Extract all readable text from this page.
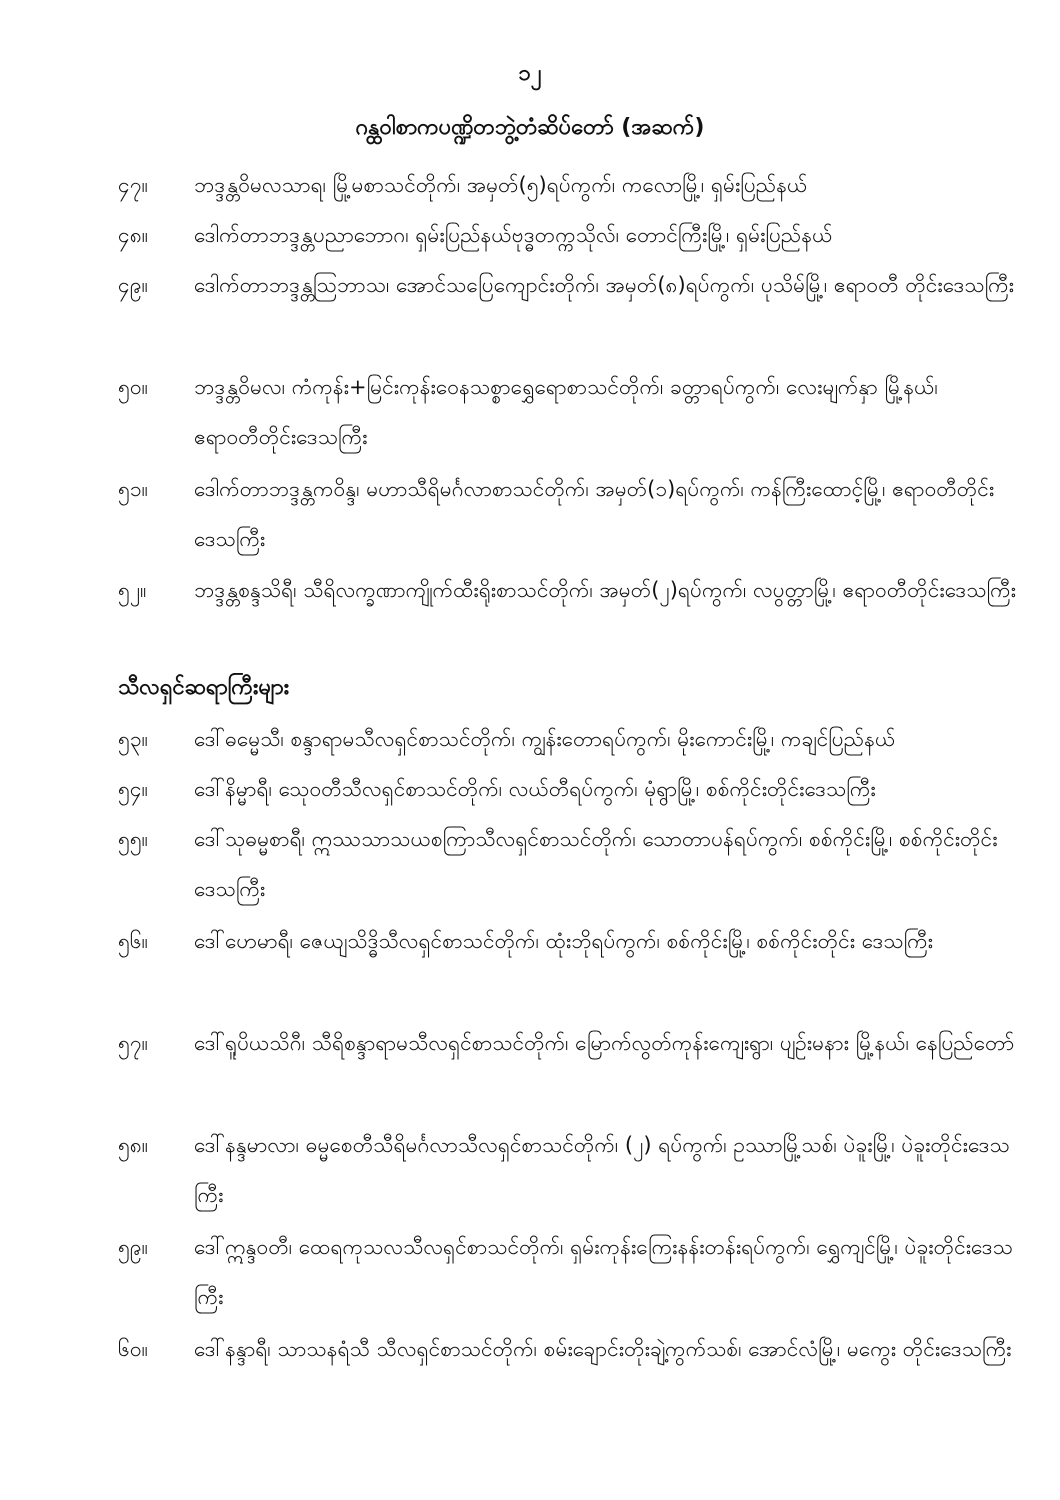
၁၂
ဂန္ထဝါစာကပဏ္ဍိတဘွဲ့တံဆိပ်တော် (အဆက်)
၄၇။	ဘဒ္ဒန္တဝိမလသာရ၊ မြို့မစာသင်တိုက်၊ အမှတ်(၅)ရပ်ကွက်၊ ကလောမြို့၊ ရှမ်းပြည်နယ်
၄၈။	ဒေါက်တာဘဒ္ဒန္တပညာဘောဂ၊ ရှမ်းပြည်နယ်ဗုဒ္ဓတက္ကသိုလ်၊ တောင်ကြီးမြို့၊ ရှမ်းပြည်နယ်
၄၉။	ဒေါက်တာဘဒ္ဒန္တသြဘာသ၊ အောင်သပြေကျောင်းတိုက်၊ အမှတ်(၈)ရပ်ကွက်၊ ပုသိမ်မြို့၊ ဧရာဝတီ တိုင်းဒေသကြီး
၅၀။	ဘဒ္ဒန္တဝိမလ၊ ကံကုန်း+မြင်းကုန်းဝေနသစ္စာရွှေရောစာသင်တိုက်၊ ခတ္တာရပ်ကွက်၊ လေးမျက်နှာ မြို့နယ်၊ ဧရာဝတီတိုင်းဒေသကြီး
၅၁။	ဒေါက်တာဘဒ္ဒန္တကဝိန္ဒ၊ မဟာသီရိမင်္ဂလာစာသင်တိုက်၊ အမှတ်(၁)ရပ်ကွက်၊ ကန်ကြီးထောင့်မြို့၊ ဧရာဝတီတိုင်းဒေသကြီး
၅၂။	ဘဒ္ဒန္တစန္ဒသိရီ၊ သီရိလက္ခဏာကျိုက်ထီးရိုးစာသင်တိုက်၊ အမှတ်(၂)ရပ်ကွက်၊ လပွတ္တာမြို့၊ ဧရာဝတီတိုင်းဒေသကြီး
သီလရှင်ဆရာကြီးများ
၅၃။	ဒေါ်ဓမ္မေသီ၊ စန္ဒာရာမသီလရှင်စာသင်တိုက်၊ ကျွန်းတောရပ်ကွက်၊ မိုးကောင်းမြို့၊ ကချင်ပြည်နယ်
၅၄။	ဒေါ်နိမ္မာရီ၊ သေုဝတီသီလရှင်စာသင်တိုက်၊ လယ်တီရပ်ကွက်၊ မုံရွာမြို့၊ စစ်ကိုင်းတိုင်းဒေသကြီး
၅၅။	ဒေါ်သုဓမ္မစာရီ၊ ဣဿသာသယစကြာသီလရှင်စာသင်တိုက်၊ သောတာပန်ရပ်ကွက်၊ စစ်ကိုင်းမြို့၊ စစ်ကိုင်းတိုင်းဒေသကြီး
၅၆။	ဒေါ်ဟေမာရီ၊ ဇေယျသိဒ္ဓိသီလရှင်စာသင်တိုက်၊ ထုံးဘိုရပ်ကွက်၊ စစ်ကိုင်းမြို့၊ စစ်ကိုင်းတိုင်း ဒေသကြီး
၅၇။	ဒေါ်ရူပိယသိဂီ၊ သီရိစန္ဒာရာမသီလရှင်စာသင်တိုက်၊ မြောက်လွတ်ကုန်းကျေးရွာ၊ ပျဉ်းမနား မြို့နယ်၊ နေပြည်တော်
၅၈။	ဒေါ်နန္ဒမာလာ၊ ဓမ္မစေတီသီရိမင်္ဂလာသီလရှင်စာသင်တိုက်၊ (၂) ရပ်ကွက်၊ ဥဿာမြို့သစ်၊ ပဲခူးမြို့၊ ပဲခူးတိုင်းဒေသကြီး
၅၉။	ဒေါ်ဣန္ဒဝတီ၊ ထေရကုသလသီလရှင်စာသင်တိုက်၊ ရှမ်းကုန်းကြေးနန်းတန်းရပ်ကွက်၊ ရွှေကျင်မြို့၊ ပဲခူးတိုင်းဒေသကြီး
၆၀။	ဒေါ်နန္ဒာရီ၊ သာသနရံသီ သီလရှင်စာသင်တိုက်၊ စမ်းချောင်းတိုးချဲ့ကွက်သစ်၊ အောင်လံမြို့၊ မကွေး တိုင်းဒေသကြီး
